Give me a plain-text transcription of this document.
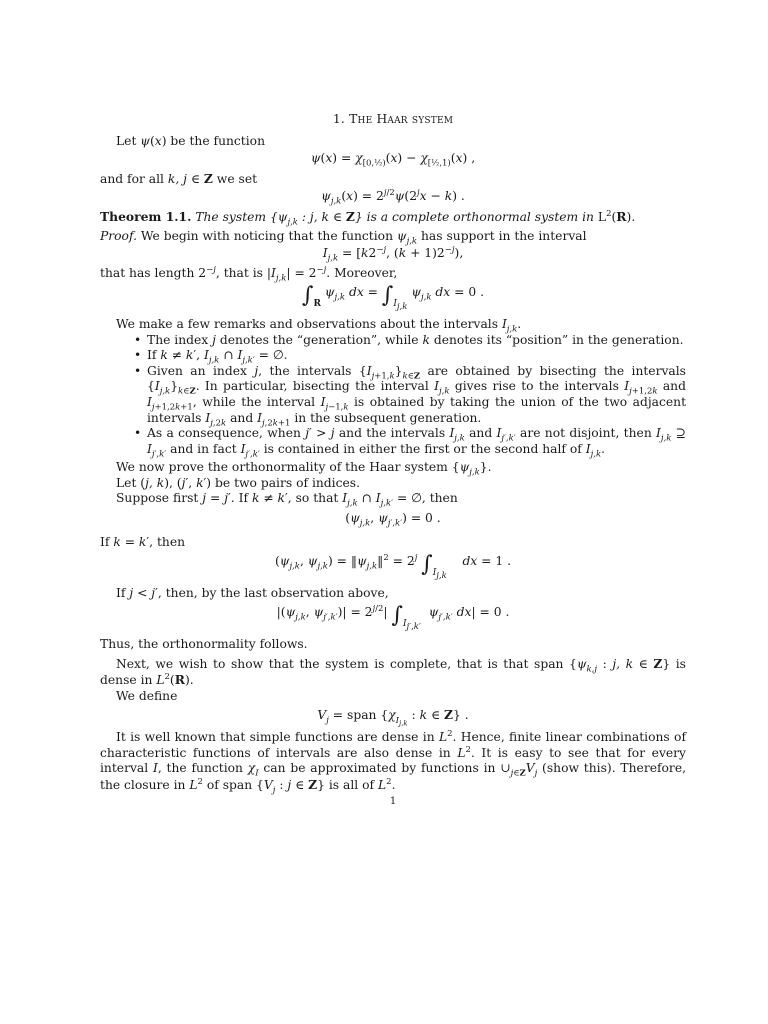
1. The Haar system

Let ψ(x) be the function

$\psi(x) = \chi_{[0,\frac{1}{2})}(x) - \chi_{[\frac{1}{2},1)}(x)$ ,

and for all k, j ∈ Z we set

$\psi_{j,k}(x) = 2^{j/2}\psi(2^jx - k)$ .

Theorem 1.1. The system {$\psi_{j,k}$ : j, k ∈ Z} is a complete orthonormal system in $L^2(R)$.

Proof. We begin with noticing that the function $\psi_{j,k}$ has support in the interval

$I_{j,k} = [k2^{-j}$, $(k + 1)2^{-j}$),

that has length $2^{-j}$, that is $|I_{j,k}| = 2^{-j}$. Moreover,

$\int_R$ $\psi_{j,k}$ dx = $\int_{I_{j,k}}$ $\psi_{j,k}$ dx = 0 .

We make a few remarks and observations about the intervals $I_{j,k}$.

• The index j denotes the “generation”, while k denotes its “position” in the generation.
• If k ≠ k′, $I_{j,k}$ ∩ $I_{j,k'}$ = ∅.
• Given an index j, the intervals $\{I_{j+1,k}\}_{k\in Z}$ are obtained by bisecting the intervals $\{I_{j,k}\}_{k\in Z}$. In particular, bisecting the interval $I_{j,k}$ gives rise to the intervals $I_{j+1,2k}$ and $I_{j+1,2k+1}$, while the interval $I_{j-1,k}$ is obtained by taking the union of the two adjacent intervals $I_{j,2k}$ and $I_{j,2k+1}$ in the subsequent generation.
• As a consequence, when j′ > j and the intervals $I_{j,k}$ and $I_{j',k'}$ are not disjoint, then $I_{j,k}$ ⊇ $I_{j',k'}$ and in fact $I_{j',k'}$ is contained in either the first or the second half of $I_{j,k}$.

We now prove the orthonormality of the Haar system $\{\psi_{j,k}\}$.

Let (j, k), (j′, k′) be two pairs of indices.

Suppose first j = j′. If k ≠ k′, so that $I_{j,k}$ ∩ $I_{j,k'}$ = ∅, then

($\psi_{j,k}$, $\psi_{j',k'}) = 0$ .

If k = k′, then

($\psi_{j,k}$, $\psi_{j,k}$) = $‖\psi_{j,k}‖^2 = 2^j$ $\int_{I_{j,k}}$    dx = 1 .

If j < j′, then, by the last observation above,

$|(\psi_{j,k}$, $\psi_{j',k'})| = 2^{j/2}|$ $\int_{I_{j',k'}}$  $\psi_{j',k'}$ dx| = 0 .

Thus, the orthonormality follows.

Next, we wish to show that the system is complete, that is that span {$\psi_{k,j}$ : j, k ∈ Z} is dense in $L^2(R)$.

We define

$V_j$ = span {$\chi_{I_{j,k}}$ : k ∈ Z} .

It is well known that simple functions are dense in $L^2$. Hence, finite linear combinations of characteristic functions of intervals are also dense in $L^2$. It is easy to see that for every interval I, the function $\chi_I$ can be approximated by functions in $\cup_{j\in Z}V_j$ (show this). Therefore, the closure in $L^2$ of span {$V_j$ : j ∈ Z} is all of $L^2$.

1
